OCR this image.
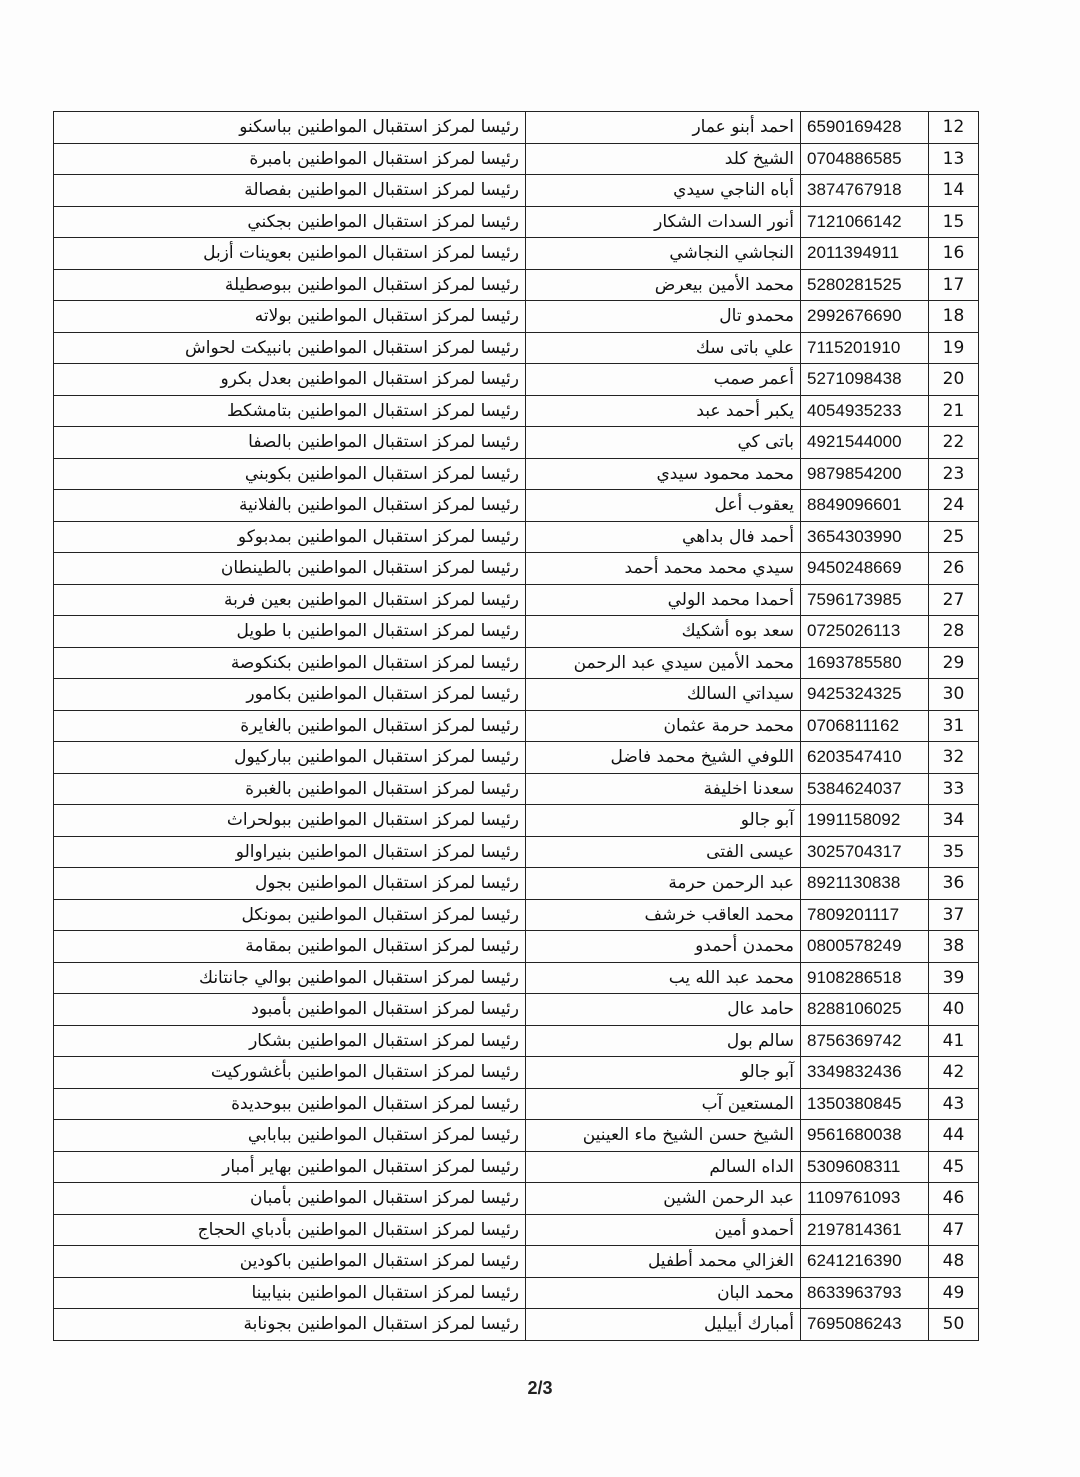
12	6590169428	احمد أبنو عمار	رئيسا لمركز استقبال المواطنين بباسكنو
13	0704886585	الشيخ كلد	رئيسا لمركز استقبال المواطنين بامبرة
14	3874767918	أباه الناجي سيدي	رئيسا لمركز استقبال المواطنين بفصالة
15	7121066142	أنور السدات الشكار	رئيسا لمركز استقبال المواطنين بجكني
16	2011394911	النجاشي النجاشي	رئيسا لمركز استقبال المواطنين بعوينات أزبل
17	5280281525	محمد الأمين بيعرض	رئيسا لمركز استقبال المواطنين ببوصطيلة
18	2992676690	محمدو تال	رئيسا لمركز استقبال المواطنين بولاته
19	7115201910	علي باتى سك	رئيسا لمركز استقبال المواطنين بانبيكت لحواش
20	5271098438	أعمر صمب	رئيسا لمركز استقبال المواطنين بعدل بكرو
21	4054935233	يكبر أحمد عبد	رئيسا لمركز استقبال المواطنين بتامشكط
22	4921544000	باتى كي	رئيسا لمركز استقبال المواطنين بالصفا
23	9879854200	محمد محمود سيدي	رئيسا لمركز استقبال المواطنين بكوبني
24	8849096601	يعقوب أعل	رئيسا لمركز استقبال المواطنين بالفلانية
25	3654303990	أحمد فال بداهي	رئيسا لمركز استقبال المواطنين بمدبوكو
26	9450248669	سيدي محمد محمد أحمد	رئيسا لمركز استقبال المواطنين بالطينطان
27	7596173985	أحمدا محمد الولي	رئيسا لمركز استقبال المواطنين بعين فربة
28	0725026113	سعد بوه أشكيك	رئيسا لمركز استقبال المواطنين با طويل
29	1693785580	محمد الأمين سيدي عبد الرحمن	رئيسا لمركز استقبال المواطنين بكنكوصة
30	9425324325	سيداتي السالك	رئيسا لمركز استقبال المواطنين بكامور
31	0706811162	محمد حرمة عثمان	رئيسا لمركز استقبال المواطنين بالغايرة
32	6203547410	اللوفي الشيخ محمد فاضل	رئيسا لمركز استقبال المواطنين بباركيول
33	5384624037	سعدنا اخليفة	رئيسا لمركز استقبال المواطنين بالغبرة
34	1991158092	آبو جالو	رئيسا لمركز استقبال المواطنين ببولحراث
35	3025704317	عيسى الفتى	رئيسا لمركز استقبال المواطنين بنيراوالو
36	8921130838	عبد الرحمن حرمة	رئيسا لمركز استقبال المواطنين بجول
37	7809201117	محمد العاقب خرشف	رئيسا لمركز استقبال المواطنين بمونكل
38	0800578249	محمدن أحمدو	رئيسا لمركز استقبال المواطنين بمقامة
39	9108286518	محمد عبد الله يب	رئيسا لمركز استقبال المواطنين بوالي جانتانك
40	8288106025	حامد عال	رئيسا لمركز استقبال المواطنين بأمبود
41	8756369742	سالم بول	رئيسا لمركز استقبال المواطنين بشكار
42	3349832436	آبو جالو	رئيسا لمركز استقبال المواطنين بأغشوركيت
43	1350380845	المستعين آب	رئيسا لمركز استقبال المواطنين ببوحديدة
44	9561680038	الشيخ حسن الشيخ ماء العينين	رئيسا لمركز استقبال المواطنين ببابابي
45	5309608311	الداه السالم	رئيسا لمركز استقبال المواطنين بهاير أمبار
46	1109761093	عبد الرحمن الشين	رئيسا لمركز استقبال المواطنين بأمبان
47	2197814361	أحمدو أمين	رئيسا لمركز استقبال المواطنين بأدباي الحجاج
48	6241216390	الغزالي محمد أطفيل	رئيسا لمركز استقبال المواطنين باكودين
49	8633963793	محمد البان	رئيسا لمركز استقبال المواطنين بنيابينا
50	7695086243	أمبارك أبيليل	رئيسا لمركز استقبال المواطنين بجونابة
2/3
